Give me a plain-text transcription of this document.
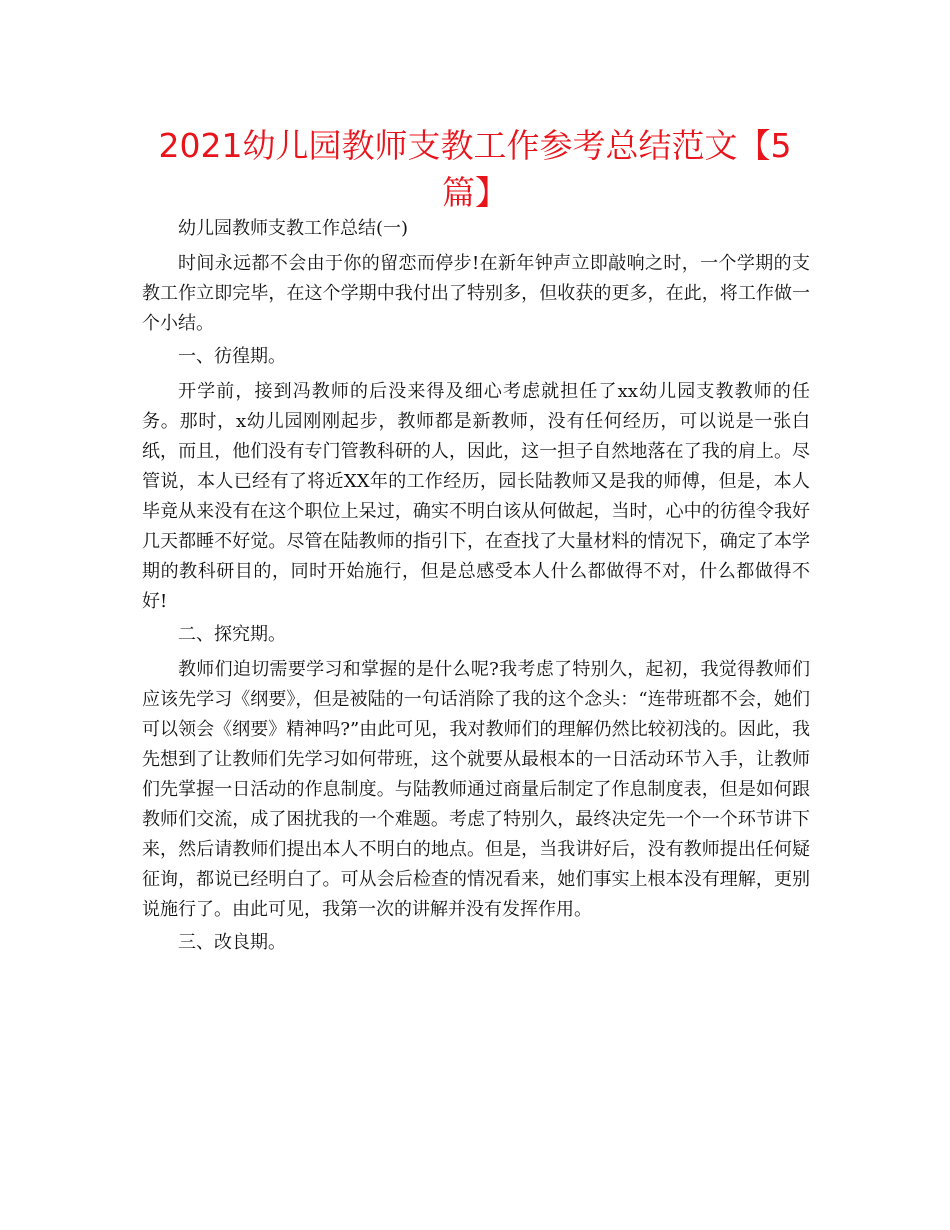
2021幼儿园教师支教工作参考总结范文【5篇】

幼儿园教师支教工作总结(一)

时间永远都不会由于你的留恋而停步!在新年钟声立即敲响之时，一个学期的支教工作立即完毕，在这个学期中我付出了特别多，但收获的更多，在此，将工作做一个小结。

一、彷徨期。

开学前，接到冯教师的后没来得及细心考虑就担任了xx幼儿园支教教师的任务。那时，x幼儿园刚刚起步，教师都是新教师，没有任何经历，可以说是一张白纸，而且，他们没有专门管教科研的人，因此，这一担子自然地落在了我的肩上。尽管说，本人已经有了将近XX年的工作经历，园长陆教师又是我的师傅，但是，本人毕竟从来没有在这个职位上呆过，确实不明白该从何做起，当时，心中的彷徨令我好几天都睡不好觉。尽管在陆教师的指引下，在查找了大量材料的情况下，确定了本学期的教科研目的，同时开始施行，但是总感受本人什么都做得不对，什么都做得不好!

二、探究期。

教师们迫切需要学习和掌握的是什么呢?我考虑了特别久，起初，我觉得教师们应该先学习《纲要》，但是被陆的一句话消除了我的这个念头：“连带班都不会，她们可以领会《纲要》精神吗?”由此可见，我对教师们的理解仍然比较初浅的。因此，我先想到了让教师们先学习如何带班，这个就要从最根本的一日活动环节入手，让教师们先掌握一日活动的作息制度。与陆教师通过商量后制定了作息制度表，但是如何跟教师们交流，成了困扰我的一个难题。考虑了特别久，最终决定先一个一个环节讲下来，然后请教师们提出本人不明白的地点。但是，当我讲好后，没有教师提出任何疑征询，都说已经明白了。可从会后检查的情况看来，她们事实上根本没有理解，更别说施行了。由此可见，我第一次的讲解并没有发挥作用。

三、改良期。
